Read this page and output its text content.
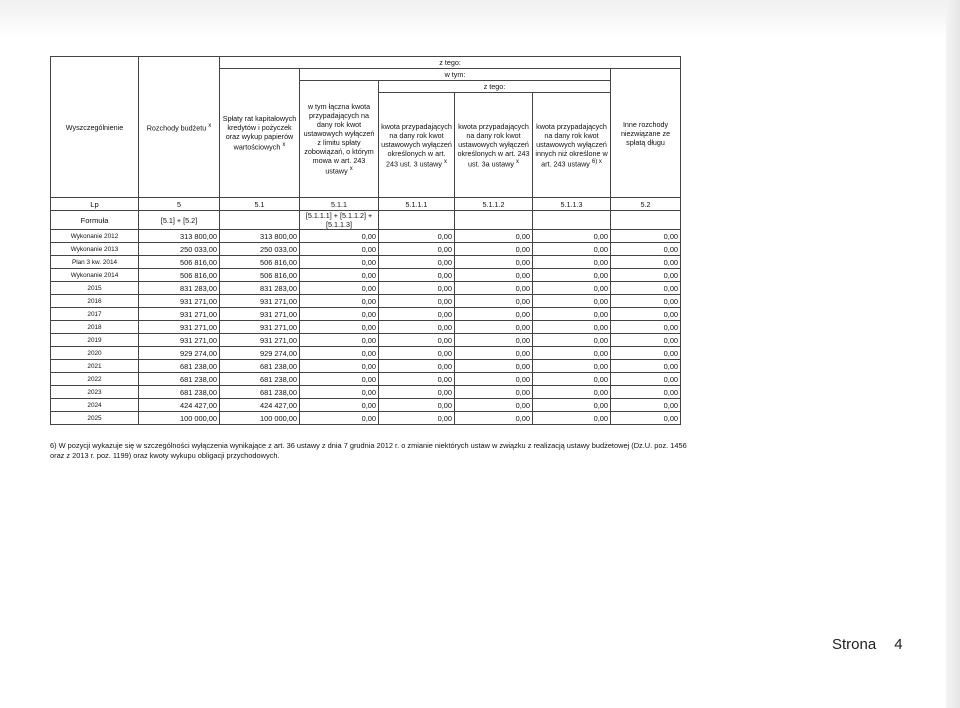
Wyszczególnienie	Rozchody budżetu $^x$	z tego:					
		Spłaty rat kapitałowych kredytów i pożyczek oraz wykup papierów wartościowych $^x$	w tym:				Inne rozchody niezwiązane ze spłatą długu
			w tym łączna kwota przypadających na dany rok kwot ustawowych wyłączeń z limitu spłaty zobowiązań, o którym mowa w art. 243 ustawy $^x$	z tego:			
				kwota przypadających na dany rok kwot ustawowych wyłączeń określonych w art. 243 ust. 3 ustawy $^x$	kwota przypadających na dany rok kwot ustawowych wyłączeń określonych w art. 243 ust. 3a ustawy $^x$	kwota przypadających na dany rok kwot ustawowych wyłączeń innych niż określone w art. 243 ustawy $^{6) x}$
Lp	5	5.1	5.1.1	5.1.1.1	5.1.1.2	5.1.1.3	5.2
Formuła	[5.1] + [5.2]		[5.1.1.1] + [5.1.1.2] + [5.1.1.3]				
Wykonanie 2012	313 800,00	313 800,00	0,00	0,00	0,00	0,00	0,00
Wykonanie 2013	250 033,00	250 033,00	0,00	0,00	0,00	0,00	0,00
Plan 3 kw. 2014	506 816,00	506 816,00	0,00	0,00	0,00	0,00	0,00
Wykonanie 2014	506 816,00	506 816,00	0,00	0,00	0,00	0,00	0,00
2015	831 283,00	831 283,00	0,00	0,00	0,00	0,00	0,00
2016	931 271,00	931 271,00	0,00	0,00	0,00	0,00	0,00
2017	931 271,00	931 271,00	0,00	0,00	0,00	0,00	0,00
2018	931 271,00	931 271,00	0,00	0,00	0,00	0,00	0,00
2019	931 271,00	931 271,00	0,00	0,00	0,00	0,00	0,00
2020	929 274,00	929 274,00	0,00	0,00	0,00	0,00	0,00
2021	681 238,00	681 238,00	0,00	0,00	0,00	0,00	0,00
2022	681 238,00	681 238,00	0,00	0,00	0,00	0,00	0,00
2023	681 238,00	681 238,00	0,00	0,00	0,00	0,00	0,00
2024	424 427,00	424 427,00	0,00	0,00	0,00	0,00	0,00
2025	100 000,00	100 000,00	0,00	0,00	0,00	0,00	0,00
6) W pozycji wykazuje się w szczególności wyłączenia wynikające z art. 36 ustawy z dnia 7 grudnia 2012 r. o zmianie niektórych ustaw w związku z realizacją ustawy budżetowej (Dz.U. poz. 1456 oraz z 2013 r. poz. 1199) oraz kwoty wykupu obligacji przychodowych.
Strona 4
